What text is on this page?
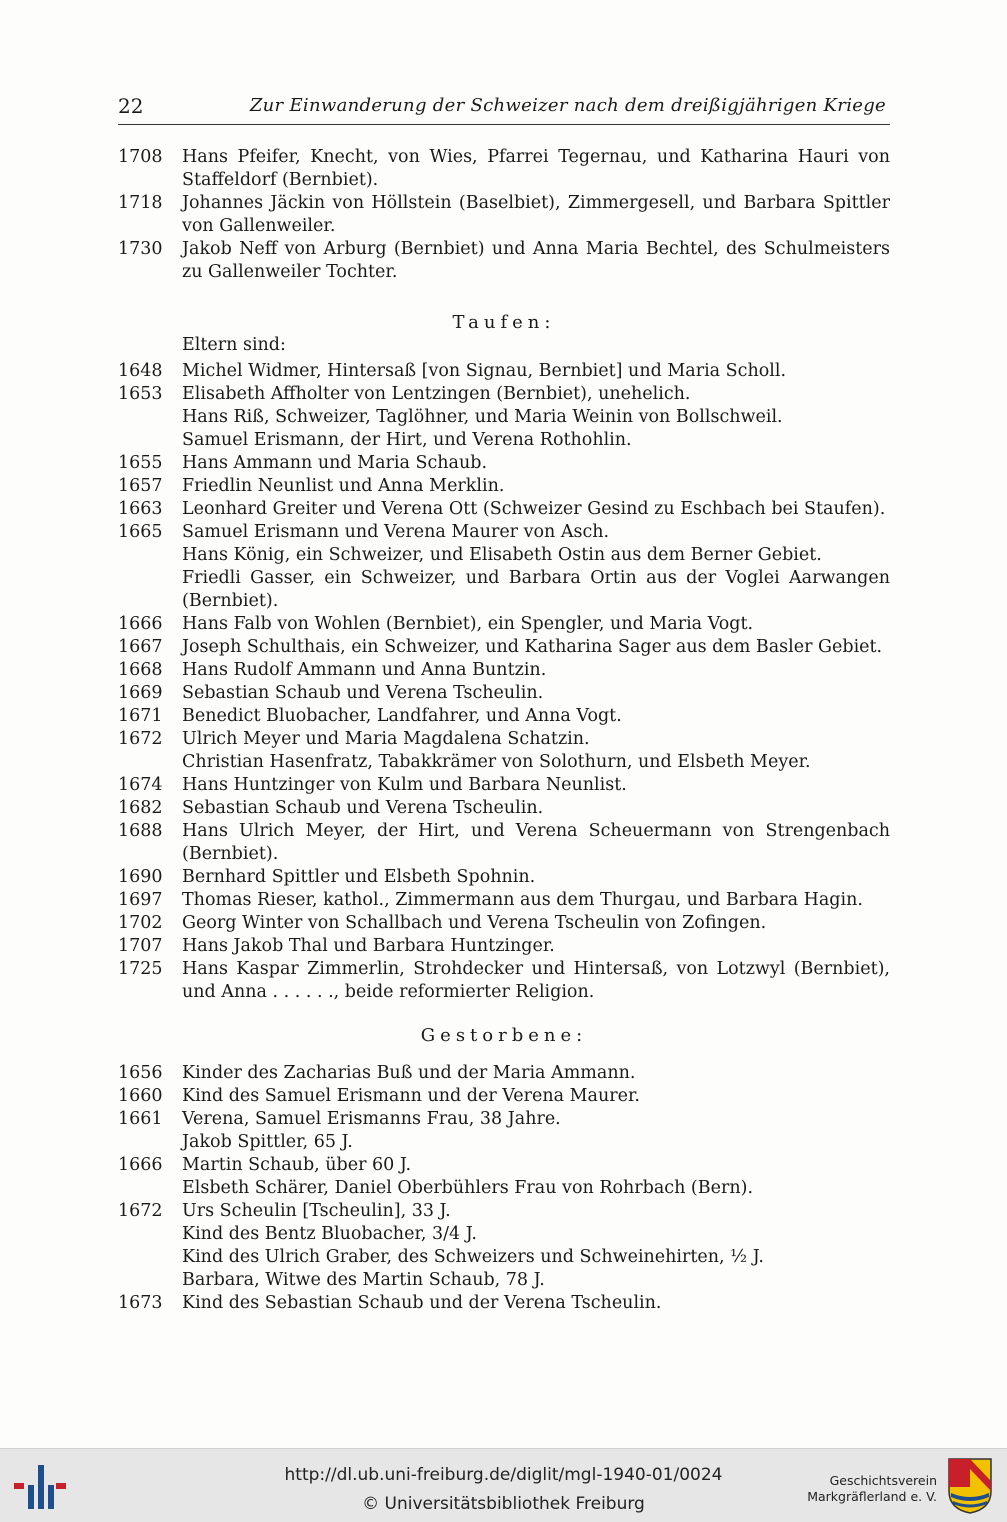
22	Zur Einwanderung der Schweizer nach dem dreißigjährigen Kriege
1708	Hans Pfeifer, Knecht, von Wies, Pfarrei Tegernau, und Katharina Hauri von Staffeldorf (Bernbiet).
1718	Johannes Jäckin von Höllstein (Baselbiet), Zimmergesell, und Barbara Spittler von Gallenweiler.
1730	Jakob Neff von Arburg (Bernbiet) und Anna Maria Bechtel, des Schulmeisters zu Gallenweiler Tochter.
Taufen:
Eltern sind:
1648	Michel Widmer, Hintersaß [von Signau, Bernbiet] und Maria Scholl.
1653	Elisabeth Affholter von Lentzingen (Bernbiet), unehelich.
Hans Riß, Schweizer, Taglöhner, und Maria Weinin von Bollschweil.
Samuel Erismann, der Hirt, und Verena Rothohlin.
1655	Hans Ammann und Maria Schaub.
1657	Friedlin Neunlist und Anna Merklin.
1663	Leonhard Greiter und Verena Ott (Schweizer Gesind zu Eschbach bei Staufen).
1665	Samuel Erismann und Verena Maurer von Asch.
Hans König, ein Schweizer, und Elisabeth Ostin aus dem Berner Gebiet.
Friedli Gasser, ein Schweizer, und Barbara Ortin aus der Voglei Aarwangen (Bernbiet).
1666	Hans Falb von Wohlen (Bernbiet), ein Spengler, und Maria Vogt.
1667	Joseph Schulthais, ein Schweizer, und Katharina Sager aus dem Basler Gebiet.
1668	Hans Rudolf Ammann und Anna Buntzin.
1669	Sebastian Schaub und Verena Tscheulin.
1671	Benedict Bluobacher, Landfahrer, und Anna Vogt.
1672	Ulrich Meyer und Maria Magdalena Schatzin.
Christian Hasenfratz, Tabakkrämer von Solothurn, und Elsbeth Meyer.
1674	Hans Huntzinger von Kulm und Barbara Neunlist.
1682	Sebastian Schaub und Verena Tscheulin.
1688	Hans Ulrich Meyer, der Hirt, und Verena Scheuermann von Strengenbach (Bernbiet).
1690	Bernhard Spittler und Elsbeth Spohnin.
1697	Thomas Rieser, kathol., Zimmermann aus dem Thurgau, und Barbara Hagin.
1702	Georg Winter von Schallbach und Verena Tscheulin von Zofingen.
1707	Hans Jakob Thal und Barbara Huntzinger.
1725	Hans Kaspar Zimmerlin, Strohdecker und Hintersaß, von Lotzwyl (Bernbiet), und Anna . . . . . ., beide reformierter Religion.
Gestorbene:
1656	Kinder des Zacharias Buß und der Maria Ammann.
1660	Kind des Samuel Erismann und der Verena Maurer.
1661	Verena, Samuel Erismanns Frau, 38 Jahre.
Jakob Spittler, 65 J.
1666	Martin Schaub, über 60 J.
Elsbeth Schärer, Daniel Oberbühlers Frau von Rohrbach (Bern).
1672	Urs Scheulin [Tscheulin], 33 J.
Kind des Bentz Bluobacher, 3/4 J.
Kind des Ulrich Graber, des Schweizers und Schweinehirten, ½ J.
Barbara, Witwe des Martin Schaub, 78 J.
1673	Kind des Sebastian Schaub und der Verena Tscheulin.
http://dl.ub.uni-freiburg.de/diglit/mgl-1940-01/0024
© Universitätsbibliothek Freiburg
Geschichtsverein
Markgräflerland e. V.
